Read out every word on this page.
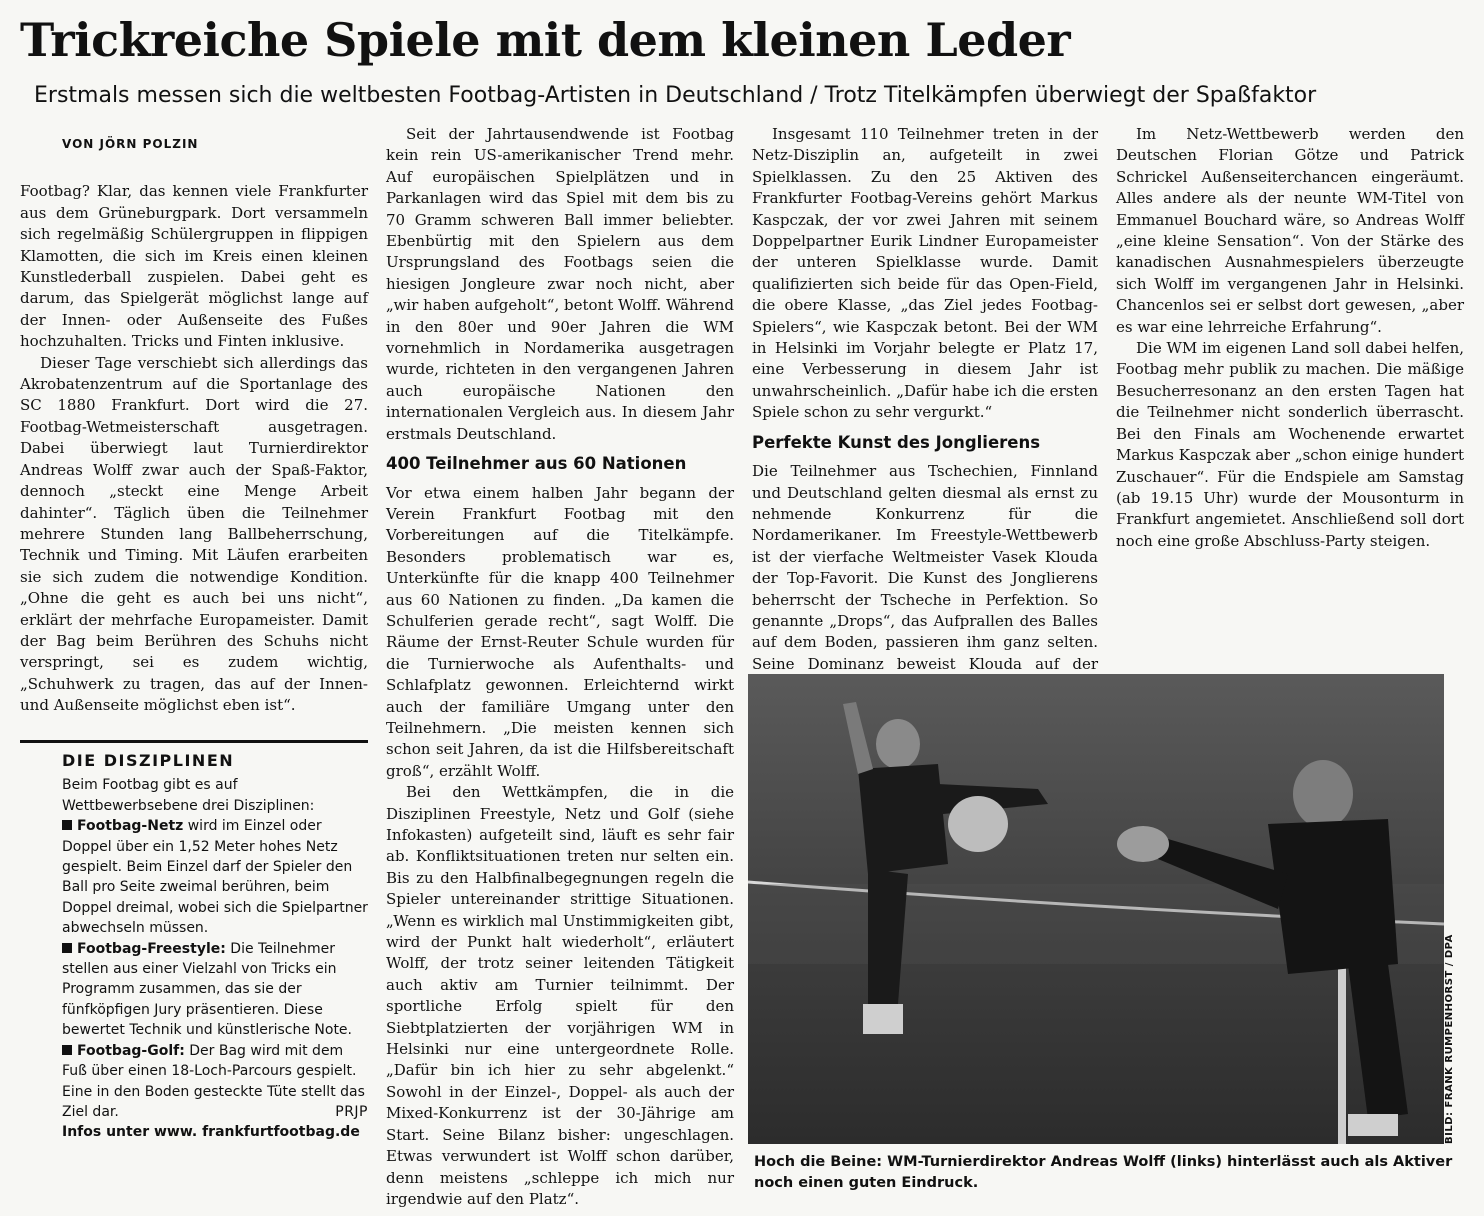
Trickreiche Spiele mit dem kleinen Leder

Erstmals messen sich die weltbesten Footbag-Artisten in Deutschland / Trotz Titelkämpfen überwiegt der Spaßfaktor

VON JÖRN POLZIN

Footbag? Klar, das kennen viele Frankfurter aus dem Grüneburgpark. Dort versammeln sich regelmäßig Schülergruppen in flippigen Klamotten, die sich im Kreis einen kleinen Kunstlederball zuspielen. Dabei geht es darum, das Spielgerät möglichst lange auf der Innen- oder Außenseite des Fußes hochzuhalten. Tricks und Finten inklusive.

Dieser Tage verschiebt sich allerdings das Akrobatenzentrum auf die Sportanlage des SC 1880 Frankfurt. Dort wird die 27. Footbag-Wetmeisterschaft ausgetragen. Dabei überwiegt laut Turnierdirektor Andreas Wolff zwar auch der Spaß-Faktor, dennoch „steckt eine Menge Arbeit dahinter“. Täglich üben die Teilnehmer mehrere Stunden lang Ballbeherrschung, Technik und Timing. Mit Läufen erarbeiten sie sich zudem die notwendige Kondition. „Ohne die geht es auch bei uns nicht“, erklärt der mehrfache Europameister. Damit der Bag beim Berühren des Schuhs nicht verspringt, sei es zudem wichtig, „Schuhwerk zu tragen, das auf der Innen- und Außenseite möglichst eben ist“.

DIE DISZIPLINEN

Beim Footbag gibt es auf Wettbewerbsebene drei Disziplinen:

Footbag-Netz wird im Einzel oder Doppel über ein 1,52 Meter hohes Netz gespielt. Beim Einzel darf der Spieler den Ball pro Seite zweimal berühren, beim Doppel dreimal, wobei sich die Spielpartner abwechseln müssen.

Footbag-Freestyle: Die Teilnehmer stellen aus einer Vielzahl von Tricks ein Programm zusammen, das sie der fünfköpfigen Jury präsentieren. Diese bewertet Technik und künstlerische Note.

Footbag-Golf: Der Bag wird mit dem Fuß über einen 18-Loch-Parcours gespielt. Eine in den Boden gesteckte Tüte stellt das Ziel dar.	PRJP

Infos unter www. frankfurtfootbag.de

Seit der Jahrtausendwende ist Footbag kein rein US-amerikanischer Trend mehr. Auf europäischen Spielplätzen und in Parkanlagen wird das Spiel mit dem bis zu 70 Gramm schweren Ball immer beliebter. Ebenbürtig mit den Spielern aus dem Ursprungsland des Footbags seien die hiesigen Jongleure zwar noch nicht, aber „wir haben aufgeholt“, betont Wolff. Während in den 80er und 90er Jahren die WM vornehmlich in Nordamerika ausgetragen wurde, richteten in den vergangenen Jahren auch europäische Nationen den internationalen Vergleich aus. In diesem Jahr erstmals Deutschland.

400 Teilnehmer aus 60 Nationen

Vor etwa einem halben Jahr begann der Verein Frankfurt Footbag mit den Vorbereitungen auf die Titelkämpfe. Besonders problematisch war es, Unterkünfte für die knapp 400 Teilnehmer aus 60 Nationen zu finden. „Da kamen die Schulferien gerade recht“, sagt Wolff. Die Räume der Ernst-Reuter Schule wurden für die Turnierwoche als Aufenthalts- und Schlafplatz gewonnen. Erleichternd wirkt auch der familiäre Umgang unter den Teilnehmern. „Die meisten kennen sich schon seit Jahren, da ist die Hilfsbereitschaft groß“, erzählt Wolff.

Bei den Wettkämpfen, die in die Disziplinen Freestyle, Netz und Golf (siehe Infokasten) aufgeteilt sind, läuft es sehr fair ab. Konfliktsituationen treten nur selten ein. Bis zu den Halbfinalbegegnungen regeln die Spieler untereinander strittige Situationen. „Wenn es wirklich mal Unstimmigkeiten gibt, wird der Punkt halt wiederholt“, erläutert Wolff, der trotz seiner leitenden Tätigkeit auch aktiv am Turnier teilnimmt. Der sportliche Erfolg spielt für den Siebtplatzierten der vorjährigen WM in Helsinki nur eine untergeordnete Rolle. „Dafür bin ich hier zu sehr abgelenkt.“ Sowohl in der Einzel-, Doppel- als auch der Mixed-Konkurrenz ist der 30-Jährige am Start. Seine Bilanz bisher: ungeschlagen. Etwas verwundert ist Wolff schon darüber, denn meistens „schleppe ich mich nur irgendwie auf den Platz“.

Insgesamt 110 Teilnehmer treten in der Netz-Disziplin an, aufgeteilt in zwei Spielklassen. Zu den 25 Aktiven des Frankfurter Footbag-Vereins gehört Markus Kaspczak, der vor zwei Jahren mit seinem Doppelpartner Eurik Lindner Europameister der unteren Spielklasse wurde. Damit qualifizierten sich beide für das Open-Field, die obere Klasse, „das Ziel jedes Footbag-Spielers“, wie Kaspczak betont. Bei der WM in Helsinki im Vorjahr belegte er Platz 17, eine Verbesserung in diesem Jahr ist unwahrscheinlich. „Dafür habe ich die ersten Spiele schon zu sehr vergurkt.“

Perfekte Kunst des Jonglierens

Die Teilnehmer aus Tschechien, Finnland und Deutschland gelten diesmal als ernst zu nehmende Konkurrenz für die Nordamerikaner. Im Freestyle-Wettbewerb ist der vierfache Weltmeister Vasek Klouda der Top-Favorit. Die Kunst des Jonglierens beherrscht der Tscheche in Perfektion. So genannte „Drops“, das Aufprallen des Balles auf dem Boden, passieren ihm ganz selten. Seine Dominanz beweist Klouda auf der

Im Netz-Wettbewerb werden den Deutschen Florian Götze und Patrick Schrickel Außenseiterchancen eingeräumt. Alles andere als der neunte WM-Titel von Emmanuel Bouchard wäre, so Andreas Wolff „eine kleine Sensation“. Von der Stärke des kanadischen Ausnahmespielers überzeugte sich Wolff im vergangenen Jahr in Helsinki. Chancenlos sei er selbst dort gewesen, „aber es war eine lehrreiche Erfahrung“.

Die WM im eigenen Land soll dabei helfen, Footbag mehr publik zu machen. Die mäßige Besucherresonanz an den ersten Tagen hat die Teilnehmer nicht sonderlich überrascht. Bei den Finals am Wochenende erwartet Markus Kaspczak aber „schon einige hundert Zuschauer“. Für die Endspiele am Samstag (ab 19.15 Uhr) wurde der Mousonturm in Frankfurt angemietet. Anschließend soll dort noch eine große Abschluss-Party steigen.

BILD: FRANK RUMPENHORST / DPA

Hoch die Beine: WM-Turnierdirektor Andreas Wolff (links) hinterlässt auch als Aktiver noch einen guten Eindruck.
